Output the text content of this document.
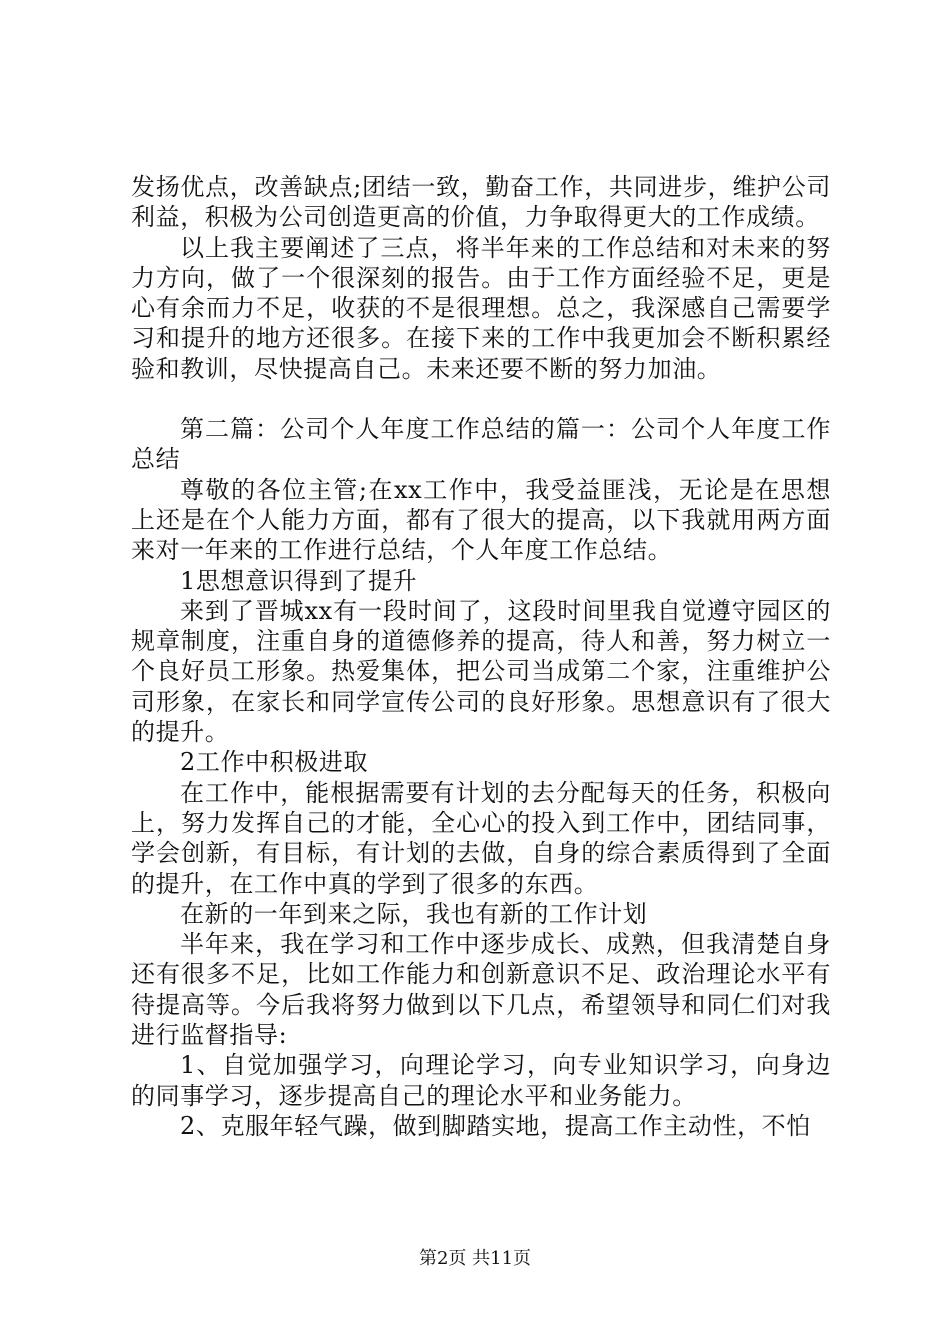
发扬优点，改善缺点;团结一致，勤奋工作，共同进步，维护公司利益，积极为公司创造更高的价值，力争取得更大的工作成绩。

以上我主要阐述了三点，将半年来的工作总结和对未来的努力方向，做了一个很深刻的报告。由于工作方面经验不足，更是心有余而力不足，收获的不是很理想。总之，我深感自己需要学习和提升的地方还很多。在接下来的工作中我更加会不断积累经验和教训，尽快提高自己。未来还要不断的努力加油。

第二篇：公司个人年度工作总结的篇一：公司个人年度工作总结

尊敬的各位主管;在xx工作中，我受益匪浅，无论是在思想上还是在个人能力方面，都有了很大的提高，以下我就用两方面来对一年来的工作进行总结，个人年度工作总结。

1思想意识得到了提升

来到了晋城xx有一段时间了，这段时间里我自觉遵守园区的规章制度，注重自身的道德修养的提高，待人和善，努力树立一个良好员工形象。热爱集体，把公司当成第二个家，注重维护公司形象，在家长和同学宣传公司的良好形象。思想意识有了很大的提升。

2工作中积极进取

在工作中，能根据需要有计划的去分配每天的任务，积极向上，努力发挥自己的才能，全心心的投入到工作中，团结同事，学会创新，有目标，有计划的去做，自身的综合素质得到了全面的提升，在工作中真的学到了很多的东西。

在新的一年到来之际，我也有新的工作计划

半年来，我在学习和工作中逐步成长、成熟，但我清楚自身还有很多不足，比如工作能力和创新意识不足、政治理论水平有待提高等。今后我将努力做到以下几点，希望领导和同仁们对我进行监督指导:

1、自觉加强学习，向理论学习，向专业知识学习，向身边的同事学习，逐步提高自己的理论水平和业务能力。

2、克服年轻气躁，做到脚踏实地，提高工作主动性，不怕

第2页 共11页
